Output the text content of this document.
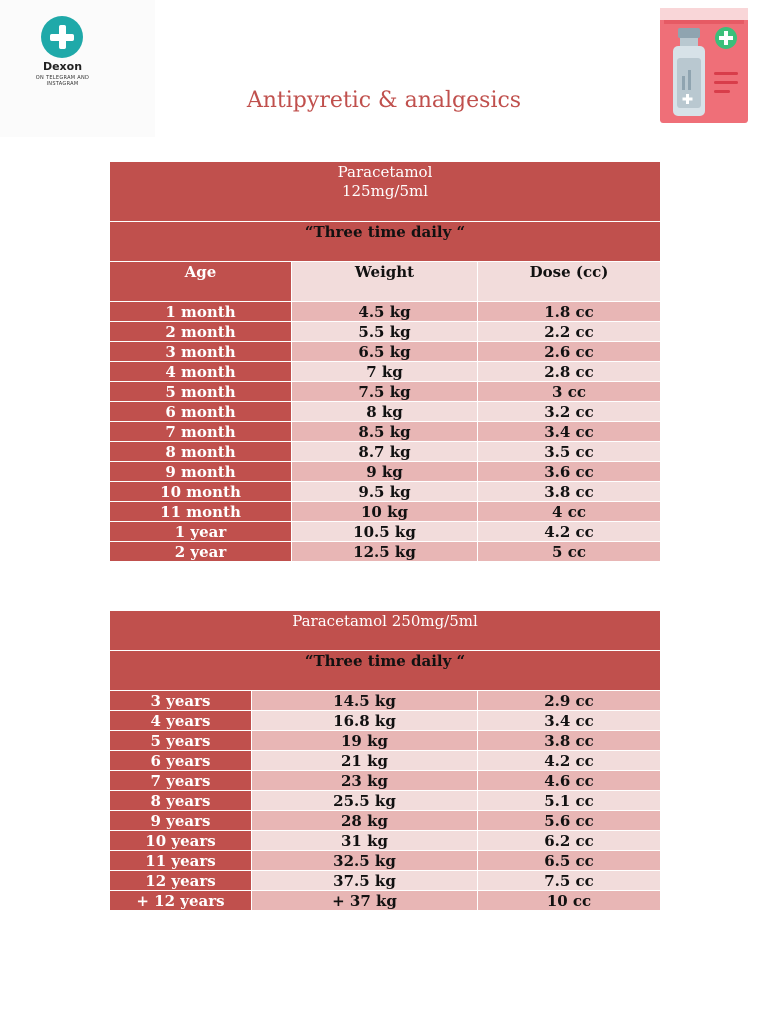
Dexon
ON TELEGRAM AND INSTAGRAM
Antipyretic & analgesics
Paracetamol
125mg/5ml		

“Three time daily “		
Age	Weight	Dose (cc)
1 month	4.5 kg	1.8 cc
2 month	5.5 kg	2.2 cc
3 month	6.5 kg	2.6 cc
4 month	7 kg	2.8 cc
5 month	7.5 kg	3 cc
6 month	8 kg	3.2 cc
7 month	8.5 kg	3.4 cc
8 month	8.7 kg	3.5 cc
9 month	9 kg	3.6 cc
10 month	9.5 kg	3.8 cc
11 month	10 kg	4 cc
1 year	10.5 kg	4.2 cc
2 year	12.5 kg	5 cc
Paracetamol 250mg/5ml		
“Three time daily “		
3 years	14.5 kg	2.9 cc
4 years	16.8 kg	3.4 cc
5 years	19 kg	3.8 cc
6 years	21 kg	4.2 cc
7 years	23 kg	4.6 cc
8 years	25.5 kg	5.1 cc
9 years	28 kg	5.6 cc
10 years	31 kg	6.2 cc
11 years	32.5 kg	6.5 cc
12 years	37.5 kg	7.5 cc
+ 12 years	+ 37 kg	10 cc
